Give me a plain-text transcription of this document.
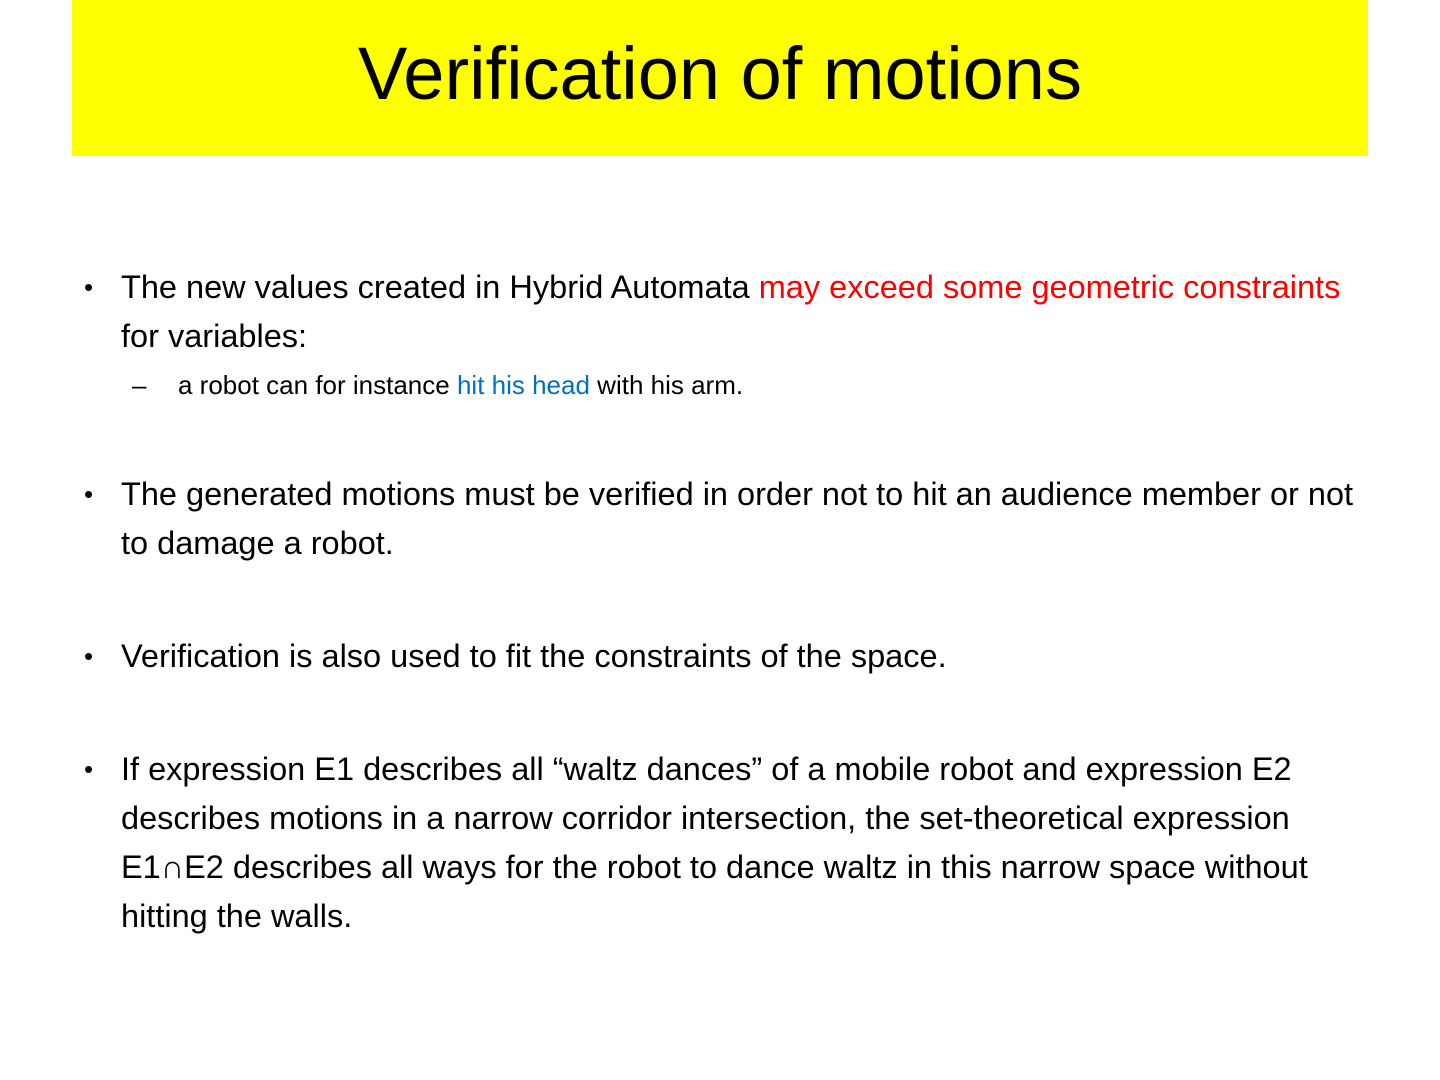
Verification of motions
• The new values created in Hybrid Automata may exceed some geometric constraints for variables:
– a robot can for instance hit his head with his arm.
• The generated motions must be verified in order not to hit an audience member or not to damage a robot.
• Verification is also used to fit the constraints of the space.
• If expression E1 describes all “waltz dances” of a mobile robot and expression E2 describes motions in a narrow corridor intersection, the set-theoretical expression E1∩E2 describes all ways for the robot to dance waltz in this narrow space without hitting the walls.
